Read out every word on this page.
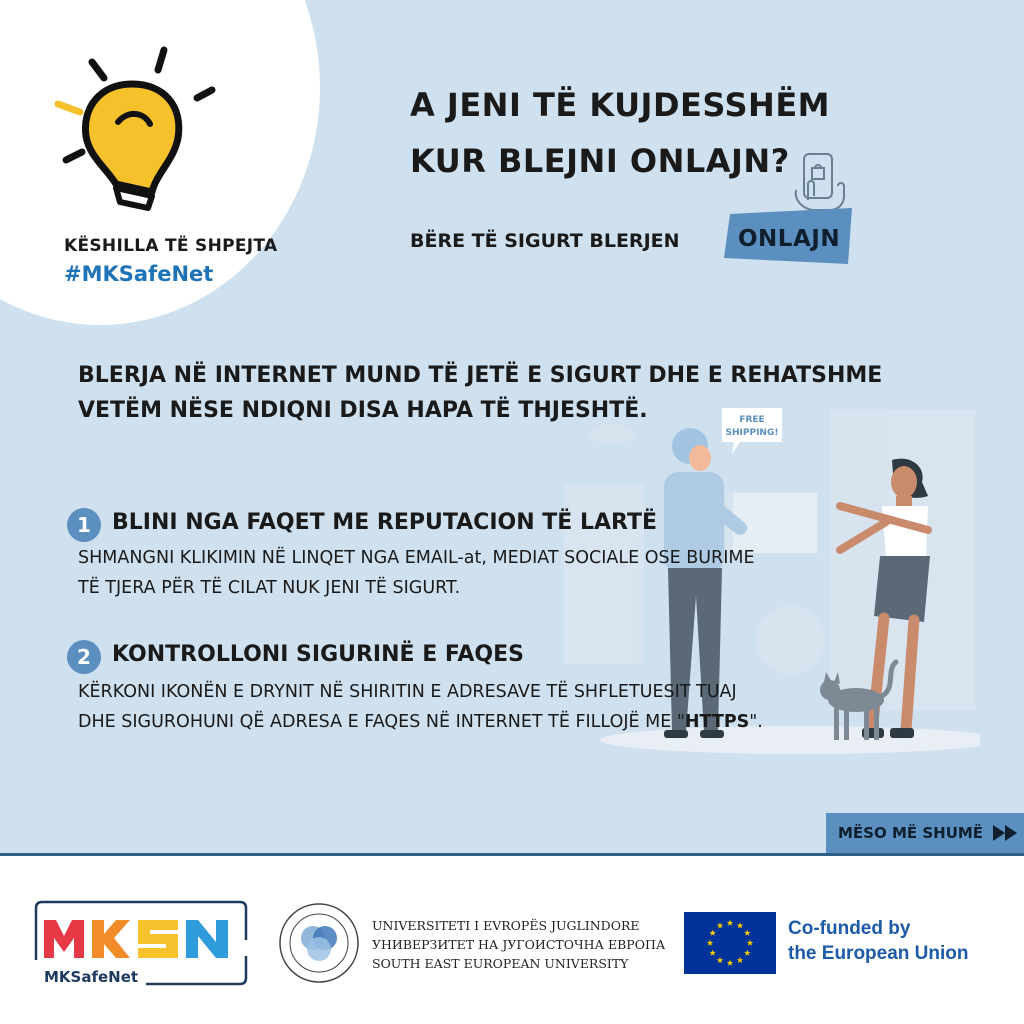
KËSHILLA TË SHPEJTA
#MKSafeNet
A JENI TË KUJDESSHËM
KUR BLEJNI ONLAJN?
BËRE TË SIGURT BLERJEN	ONLAJN
BLERJA NË INTERNET MUND TË JETË E SIGURT DHE E REHATSHME
VETËM NËSE NDIQNI DISA HAPA TË THJESHTË.	FREE
SHIPPING!
1 BLINI NGA FAQET ME REPUTACION TË LARTË
SHMANGNI KLIKIMIN NË LINQET NGA EMAIL-at, MEDIAT SOCIALE OSE BURIME
TË TJERA PËR TË CILAT NUK JENI TË SIGURT.
2 KONTROLLONI SIGURINË E FAQES
KËRKONI IKONËN E DRYNIT NË SHIRITIN E ADRESAVE TË SHFLETUESIT TUAJ
DHE SIGUROHUNI QË ADRESA E FAQES NË INTERNET TË FILLOJË ME "HTTPS".
MËSO MË SHUMË
MKSafeNet
UNIVERSITETI I EVROPËS JUGLINDORE
УНИВЕРЗИТЕТ НА ЈУГОИСТОЧНА ЕВРОПА
SOUTH EAST EUROPEAN UNIVERSITY
Co-funded by
the European Union
